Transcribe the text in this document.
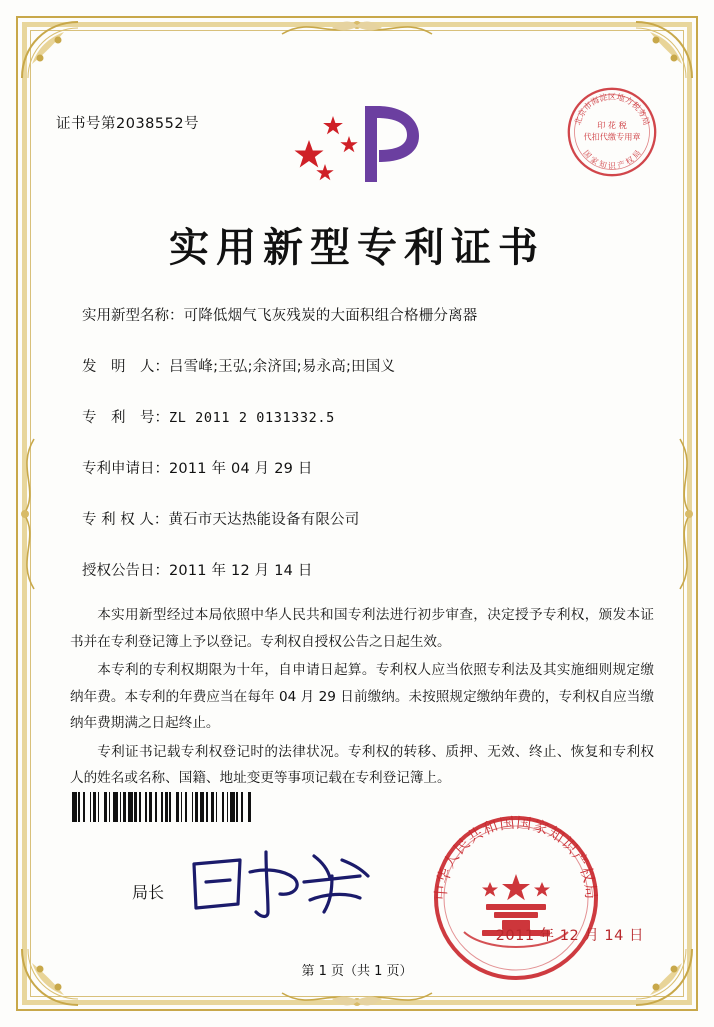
证书号第2038552号	北京市海淀区地方税务局
国 家 知 识 产 权 局
印 花 税
代扣代缴专用章
实用新型专利证书
实用新型名称： 可降低烟气飞灰残炭的大面积组合格栅分离器
发　明　人： 吕雪峰;王弘;余济囯;易永高;田国义
专　利　号： ZL 2011 2 0131332.5
专利申请日： 2011 年 04 月 29 日
专 利 权 人： 黄石市天达热能设备有限公司
授权公告日： 2011 年 12 月 14 日

本实用新型经过本局依照中华人民共和国专利法进行初步审查，决定授予专利权，颁发本证书并在专利登记簿上予以登记。专利权自授权公告之日起生效。

本专利的专利权期限为十年，自申请日起算。专利权人应当依照专利法及其实施细则规定缴纳年费。本专利的年费应当在每年 04 月 29 日前缴纳。未按照规定缴纳年费的，专利权自应当缴纳年费期满之日起终止。

专利证书记载专利权登记时的法律状况。专利权的转移、质押、无效、终止、恢复和专利权人的姓名或名称、国籍、地址变更等事项记载在专利登记簿上。

局长	中华人民共和国国家知识产权局
2011 年 12 月 14 日
第 1 页（共 1 页）
